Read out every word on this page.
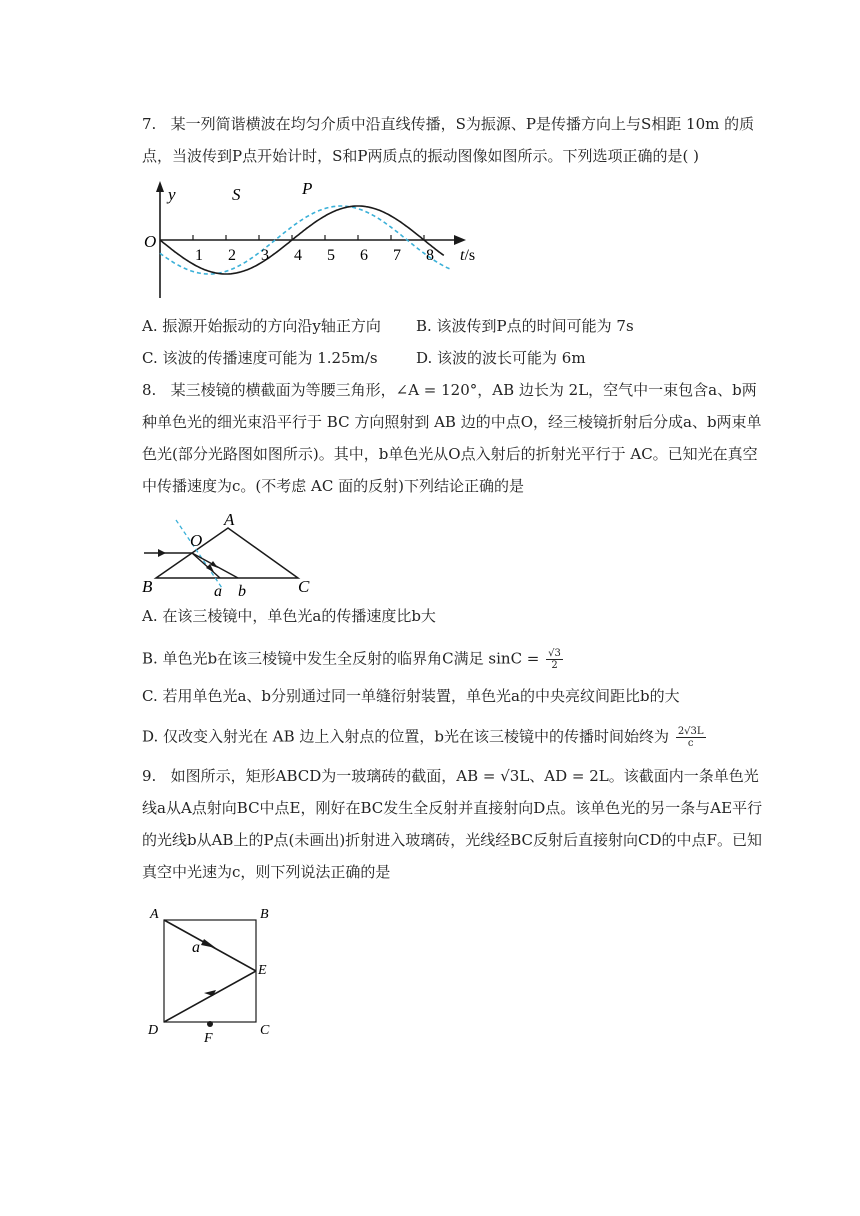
7. 某一列简谐横波在均匀介质中沿直线传播，S为振源、P是传播方向上与S相距 10m 的质
点，当波传到P点开始计时，S和P两质点的振动图像如图所示。下列选项正确的是( )
1 2 3 4 5 6 7 8
O
y	S	P
t/s
A. 振源开始振动的方向沿y轴正方向 B. 该波传到P点的时间可能为 7s
C. 该波的传播速度可能为 1.25m/s	D. 该波的波长可能为 6m
8. 某三棱镜的横截面为等腰三角形，∠A = 120°，AB 边长为 2L，空气中一束包含a、b两
种单色光的细光束沿平行于 BC 方向照射到 AB 边的中点O，经三棱镜折射后分成a、b两束单
色光(部分光路图如图所示)。其中，b单色光从O点入射后的折射光平行于 AC。已知光在真空
中传播速度为c。(不考虑 AC 面的反射)下列结论正确的是
A
B	C
O
a b
A. 在该三棱镜中，单色光a的传播速度比b大
B. 单色光b在该三棱镜中发生全反射的临界角C满足 $\sin C = \frac{√3}{2}$
C. 若用单色光a、b分别通过同一单缝衍射装置，单色光a的中央亮纹间距比b的大
D. 仅改变入射光在 AB 边上入射点的位置，b光在该三棱镜中的传播时间始终为 $\frac{2√3L}{c}$
9. 如图所示，矩形ABCD为一玻璃砖的截面，AB = √3L、AD = 2L。该截面内一条单色光
线a从A点射向BC中点E，刚好在BC发生全反射并直接射向D点。该单色光的另一条与AE平行
的光线b从AB上的P点(未画出)折射进入玻璃砖，光线经BC反射后直接射向CD的中点F。已知
真空中光速为c，则下列说法正确的是
A	B
C
D
E
F
a
